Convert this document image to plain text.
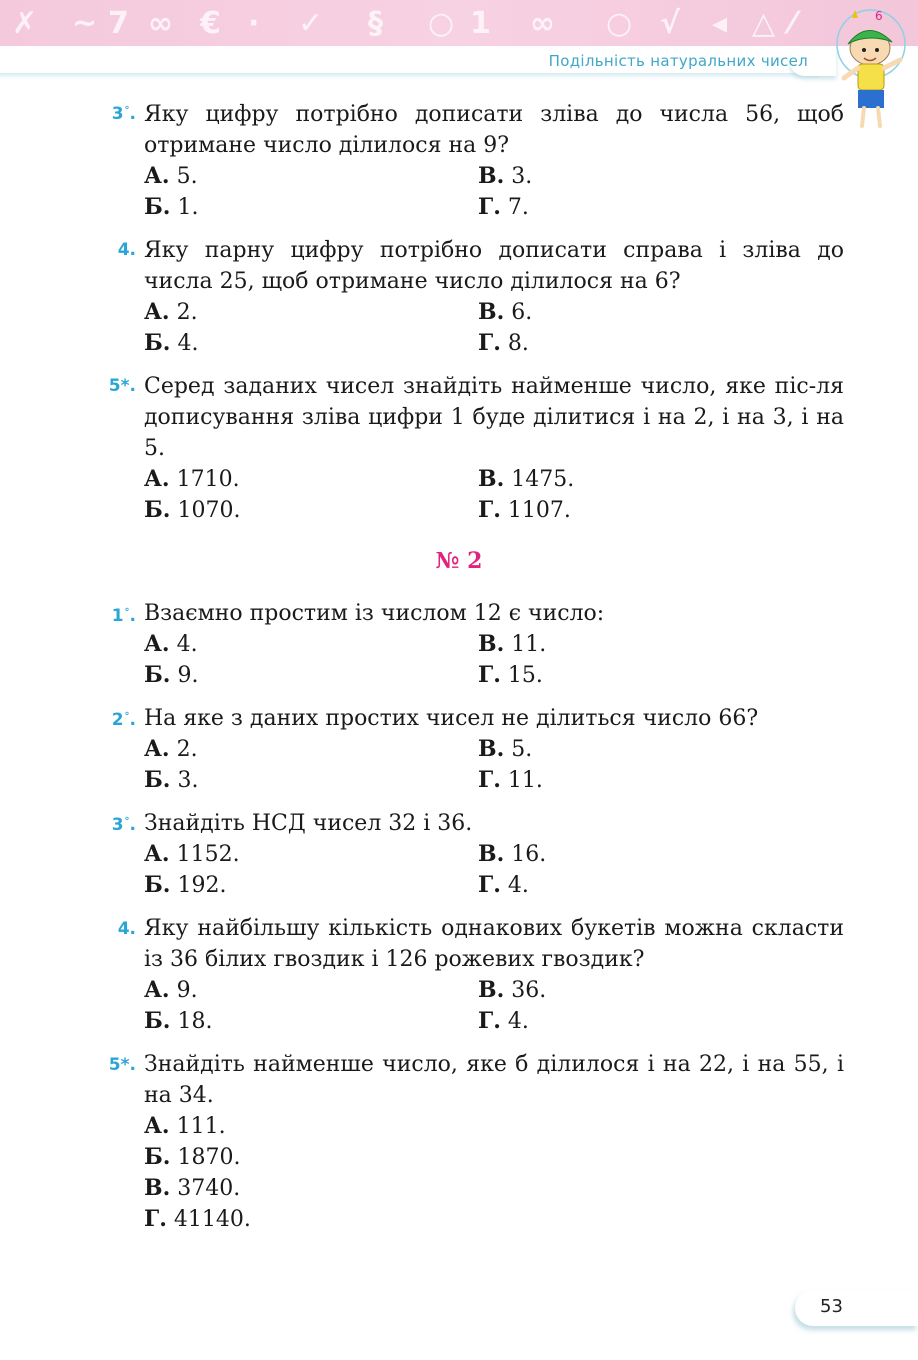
✗ ~ 7 ∞ € · ✓ § ○ 1 ∞ ○ √ ◂ △ ⁄
Подільність натуральних чисел
6
3°. Яку цифру потрібно дописати зліва до числа 56, щоб отримане число ділилося на 9?
А. 5.	В. 3.
Б. 1.	Г. 7.
4. Яку парну цифру потрібно дописати справа і зліва до числа 25, щоб отримане число ділилося на 6?
А. 2.	В. 6.
Б. 4.	Г. 8.
5*. Серед заданих чисел знайдіть найменше число, яке піс-ля дописування зліва цифри 1 буде ділитися і на 2, і на 3, і на 5.
А. 1710.	В. 1475.
Б. 1070.	Г. 1107.
№ 2
1°. Взаємно простим із числом 12 є число:
А. 4.	В. 11.
Б. 9.	Г. 15.
2°. На яке з даних простих чисел не ділиться число 66?
А. 2.	В. 5.
Б. 3.	Г. 11.
3°. Знайдіть НСД чисел 32 і 36.
А. 1152.	В. 16.
Б. 192.	Г. 4.
4. Яку найбільшу кількість однакових букетів можна скласти із 36 білих гвоздик і 126 рожевих гвоздик?
А. 9.	В. 36.
Б. 18.	Г. 4.
5*. Знайдіть найменше число, яке б ділилося і на 22, і на 55, і на 34.
А. 111.
Б. 1870.
В. 3740.
Г. 41140.
53
